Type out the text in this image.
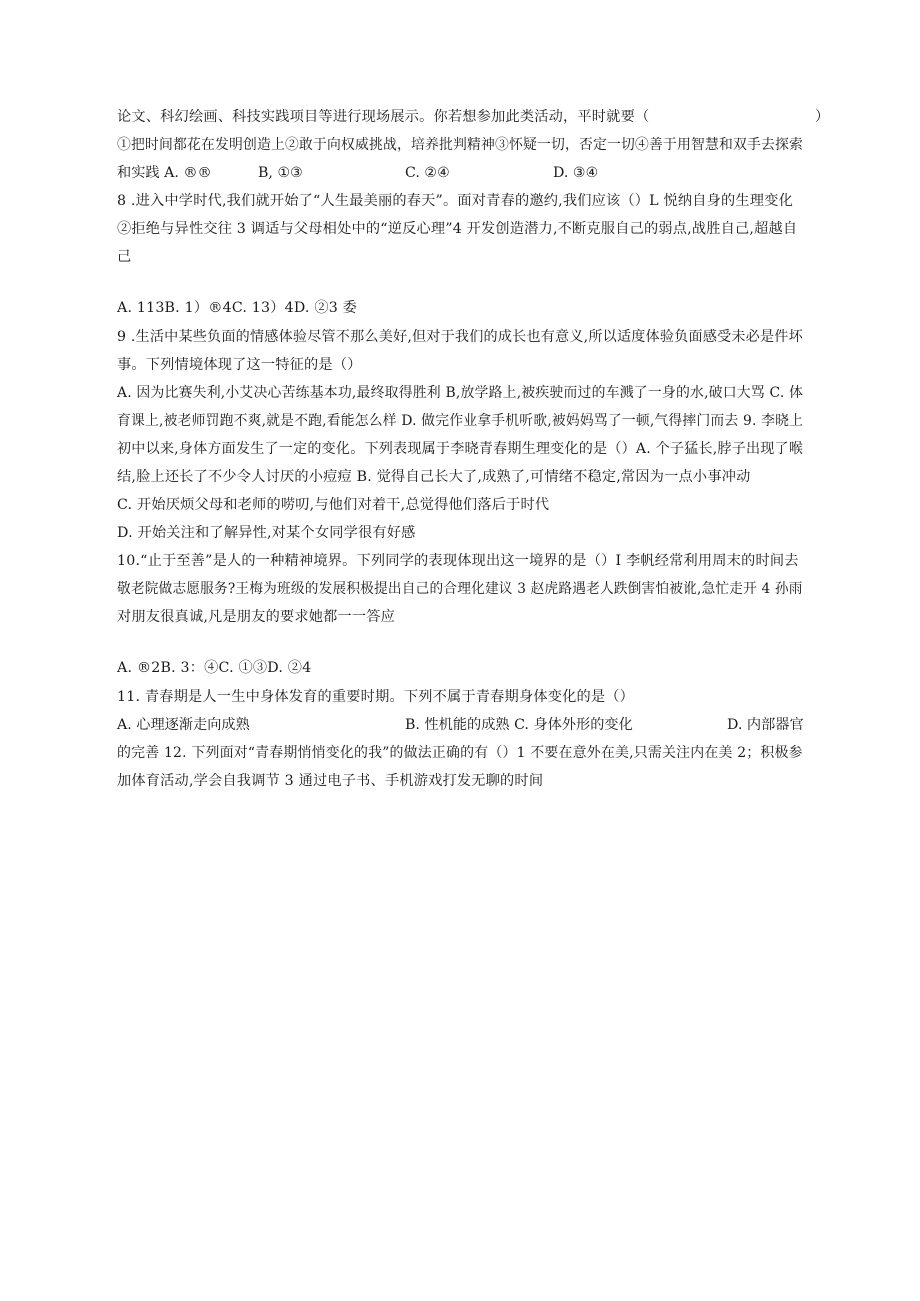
论文、科幻绘画、科技实践项目等进行现场展示。你若想参加此类活动，平时就要（	）
①把时间都花在发明创造上②敢于向权威挑战，培养批判精神③怀疑一切，否定一切④善于用智慧和双手去探索
和实践 A. ®®	B, ①③	C. ②④	D. ③④
8 .进入中学时代,我们就开始了“人生最美丽的春天”。面对青春的邀约,我们应该（）L 悦纳自身的生理变化
②拒绝与异性交往 3 调适与父母相处中的“逆反心理”4 开发创造潜力,不断克服自己的弱点,战胜自己,超越自
己
A. 113B. 1）®4C. 13）4D. ②3 委
9 .生活中某些负面的情感体验尽管不那么美好,但对于我们的成长也有意义,所以适度体验负面感受未必是件坏
事。下列情境体现了这一特征的是（）
A. 因为比赛失利,小艾决心苦练基本功,最终取得胜利 B,放学路上,被疾驶而过的车溅了一身的水,破口大骂 C. 体
育课上,被老师罚跑不爽,就是不跑,看能怎么样 D. 做完作业拿手机听歌,被妈妈骂了一顿,气得摔门而去 9. 李晓上
初中以来,身体方面发生了一定的变化。下列表现属于李晓青春期生理变化的是（）A. 个子猛长,脖子出现了喉
结,脸上还长了不少令人讨厌的小痘痘 B. 觉得自己长大了,成熟了,可情绪不稳定,常因为一点小事冲动
C. 开始厌烦父母和老师的唠叨,与他们对着干,总觉得他们落后于时代
D. 开始关注和了解异性,对某个女同学很有好感
10.“止于至善”是人的一种精神境界。下列同学的表现体现出这一境界的是（）I 李帆经常利用周末的时间去
敬老院做志愿服务?王梅为班级的发展积极提出自己的合理化建议 3 赵虎路遇老人跌倒害怕被讹,急忙走开 4 孙雨
对朋友很真诚,凡是朋友的要求她都一一答应
A. ®2B. 3：④C. ①③D. ②4
11. 青春期是人一生中身体发育的重要时期。下列不属于青春期身体变化的是（）
A. 心理逐渐走向成熟	B. 性机能的成熟 C. 身体外形的变化	D. 内部器官
的完善 12. 下列面对“青春期悄悄变化的我”的做法正确的有（）1 不要在意外在美,只需关注内在美 2；积极参
加体育活动,学会自我调节 3 通过电子书、手机游戏打发无聊的时间
